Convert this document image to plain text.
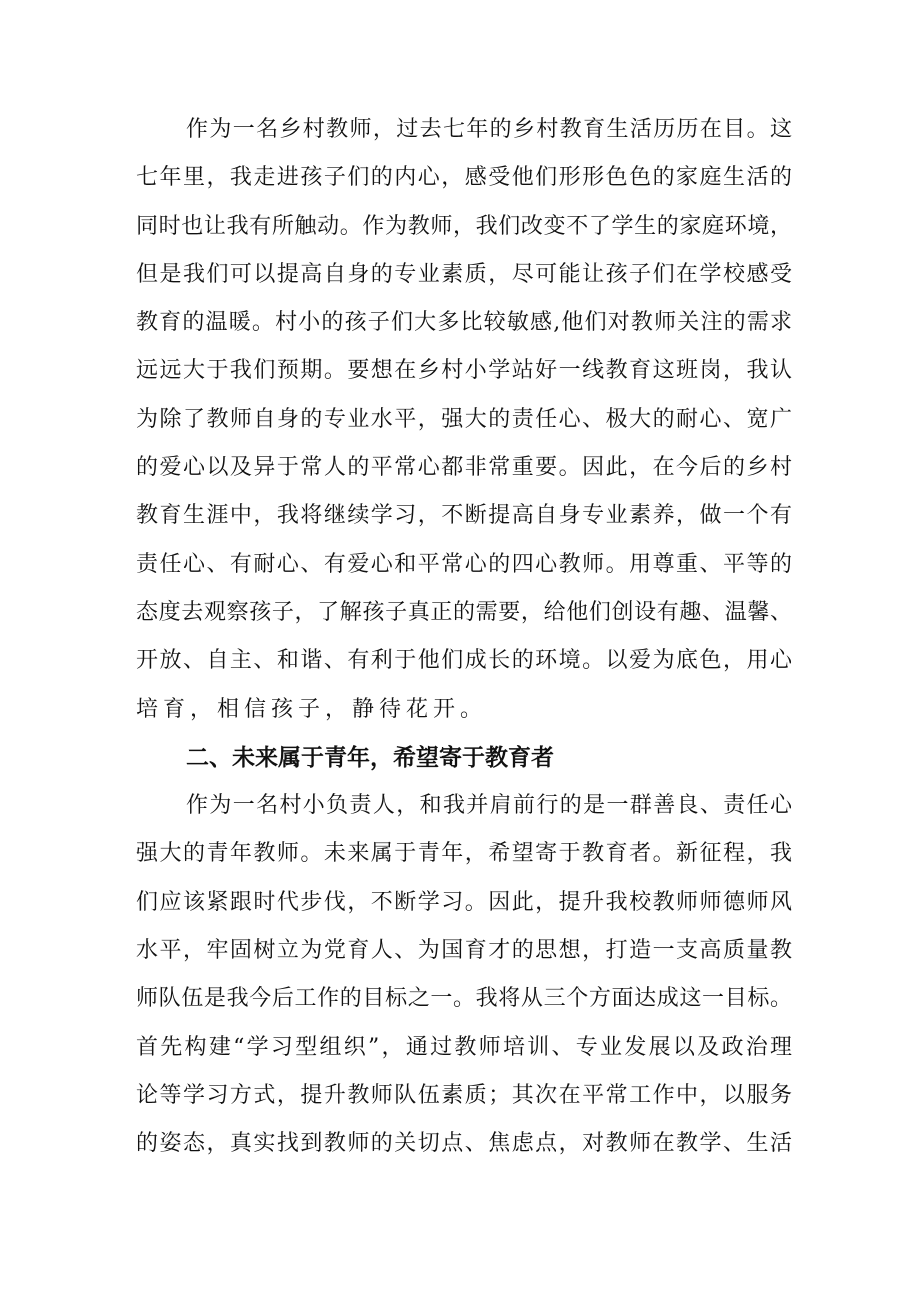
作为一名乡村教师，过去七年的乡村教育生活历历在目。这
七年里，我走进孩子们的内心，感受他们形形色色的家庭生活的
同时也让我有所触动。作为教师，我们改变不了学生的家庭环境，
但是我们可以提高自身的专业素质，尽可能让孩子们在学校感受
教育的温暖。村小的孩子们大多比较敏感,他们对教师关注的需求
远远大于我们预期。要想在乡村小学站好一线教育这班岗，我认
为除了教师自身的专业水平，强大的责任心、极大的耐心、宽广
的爱心以及异于常人的平常心都非常重要。因此，在今后的乡村
教育生涯中，我将继续学习，不断提高自身专业素养，做一个有
责任心、有耐心、有爱心和平常心的四心教师。用尊重、平等的
态度去观察孩子，了解孩子真正的需要，给他们创设有趣、温馨、
开放、自主、和谐、有利于他们成长的环境。以爱为底色，用心
培育，相信孩子，静待花开。
二、未来属于青年，希望寄于教育者
作为一名村小负责人，和我并肩前行的是一群善良、责任心
强大的青年教师。未来属于青年，希望寄于教育者。新征程，我
们应该紧跟时代步伐，不断学习。因此，提升我校教师师德师风
水平，牢固树立为党育人、为国育才的思想，打造一支高质量教
师队伍是我今后工作的目标之一。我将从三个方面达成这一目标。
首先构建“学习型组织”，通过教师培训、专业发展以及政治理
论等学习方式，提升教师队伍素质；其次在平常工作中，以服务
的姿态，真实找到教师的关切点、焦虑点，对教师在教学、生活
